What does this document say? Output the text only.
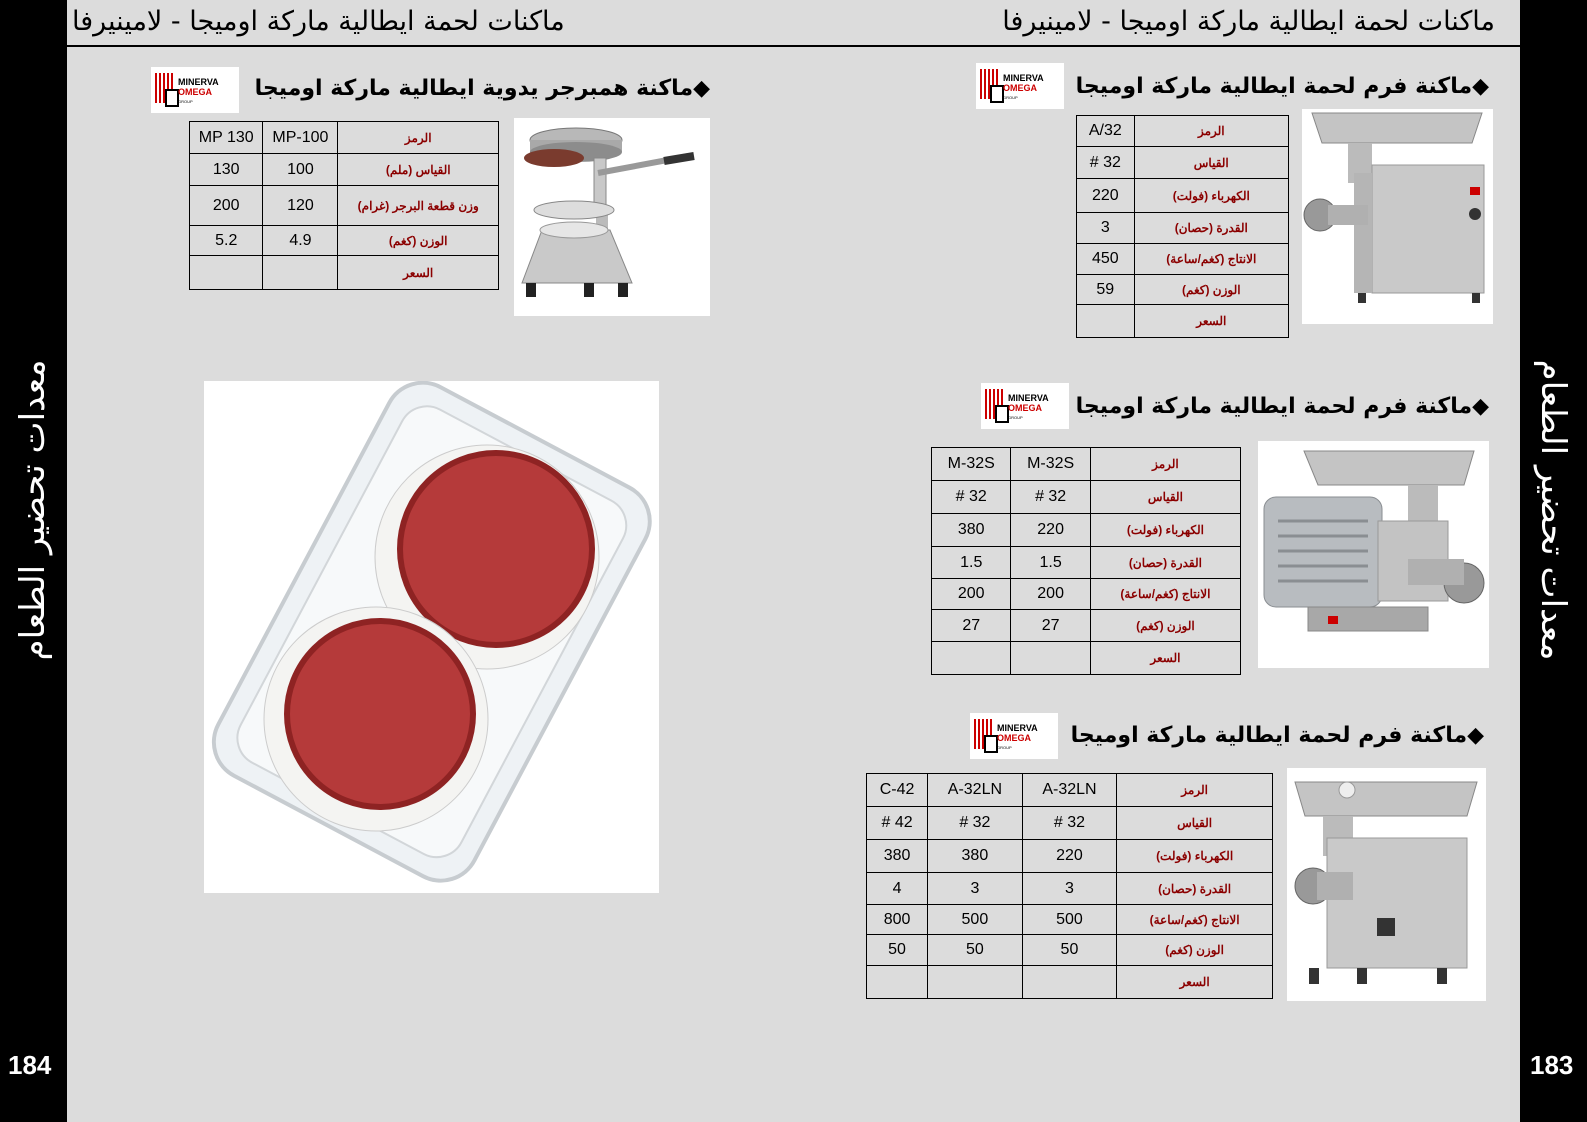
معدات تحضير الطعام
184
معدات تحضير الطعام
183
ماكنات لحمة ايطالية ماركة اوميجا - لامينيرفا	ماكنات لحمة ايطالية ماركة اوميجا - لامينيرفا
◆ماكنة همبرجر يدوية ايطالية ماركة اوميجا
MINERVA
OMEGA
GROUP
الرمز	MP-100	MP 130
القياس (ملم)	100	130
وزن قطعة البرجر (غرام)	120	200
الوزن (كغم)	4.9	5.2
السعر		
◆ماكنة فرم لحمة ايطالية ماركة اوميجا
MINERVA
OMEGA
GROUP
الرمز	A/32
القياس	32 #
الكهرباء (فولت)	220
القدرة (حصان)	3
الانتاج (كغم/ساعة)	450
الوزن (كغم)	59
السعر	
◆ماكنة فرم لحمة ايطالية ماركة اوميجا
MINERVA
OMEGA
GROUP
الرمز	M-32S	M-32S
القياس	32 #	32 #
الكهرباء (فولت)	220	380
القدرة (حصان)	1.5	1.5
الانتاج (كغم/ساعة)	200	200
الوزن (كغم)	27	27
السعر		
◆ماكنة فرم لحمة ايطالية ماركة اوميجا
MINERVA
OMEGA
GROUP
الرمز	A-32LN	A-32LN	C-42
القياس	32 #	32 #	42 #
الكهرباء (فولت)	220	380	380
القدرة (حصان)	3	3	4
الانتاج (كغم/ساعة)	500	500	800
الوزن (كغم)	50	50	50
السعر			
